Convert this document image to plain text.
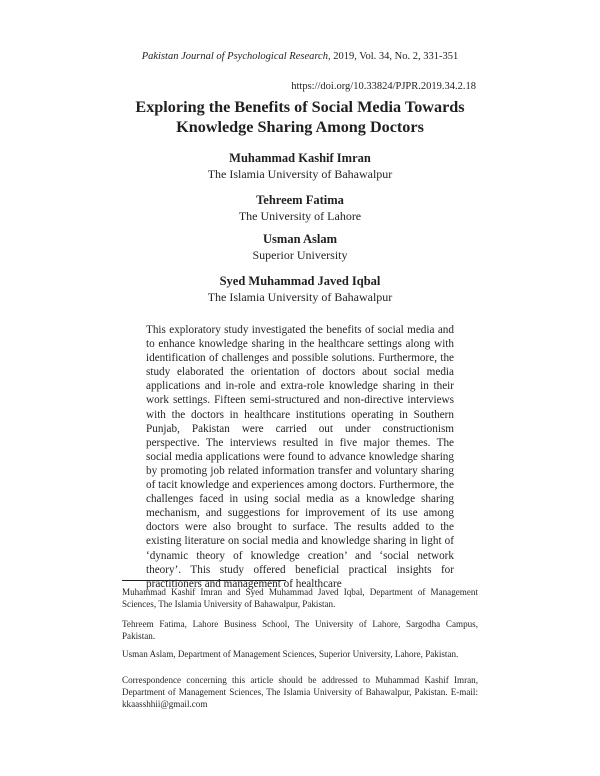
Pakistan Journal of Psychological Research, 2019, Vol. 34, No. 2, 331-351
https://doi.org/10.33824/PJPR.2019.34.2.18
Exploring the Benefits of Social Media Towards
Knowledge Sharing Among Doctors
Muhammad Kashif Imran
The Islamia University of Bahawalpur
Tehreem Fatima
The University of Lahore
Usman Aslam
Superior University
Syed Muhammad Javed Iqbal
The Islamia University of Bahawalpur
This exploratory study investigated the benefits of social media and to enhance knowledge sharing in the healthcare settings along with identification of challenges and possible solutions. Furthermore, the study elaborated the orientation of doctors about social media applications and in-role and extra-role knowledge sharing in their work settings. Fifteen semi-structured and non-directive interviews with the doctors in healthcare institutions operating in Southern Punjab, Pakistan were carried out under constructionism perspective. The interviews resulted in five major themes. The social media applications were found to advance knowledge sharing by promoting job related information transfer and voluntary sharing of tacit knowledge and experiences among doctors. Furthermore, the challenges faced in using social media as a knowledge sharing mechanism, and suggestions for improvement of its use among doctors were also brought to surface. The results added to the existing literature on social media and knowledge sharing in light of ‘dynamic theory of knowledge creation’ and ‘social network theory’. This study offered beneficial practical insights for practitioners and management of healthcare
Muhammad Kashif Imran and Syed Muhammad Javed Iqbal, Department of Management Sciences, The Islamia University of Bahawalpur, Pakistan.
Tehreem Fatima, Lahore Business School, The University of Lahore, Sargodha Campus, Pakistan.
Usman Aslam, Department of Management Sciences, Superior University, Lahore, Pakistan.
Correspondence concerning this article should be addressed to Muhammad Kashif Imran, Department of Management Sciences, The Islamia University of Bahawalpur, Pakistan. E-mail: kkaasshhii@gmail.com
